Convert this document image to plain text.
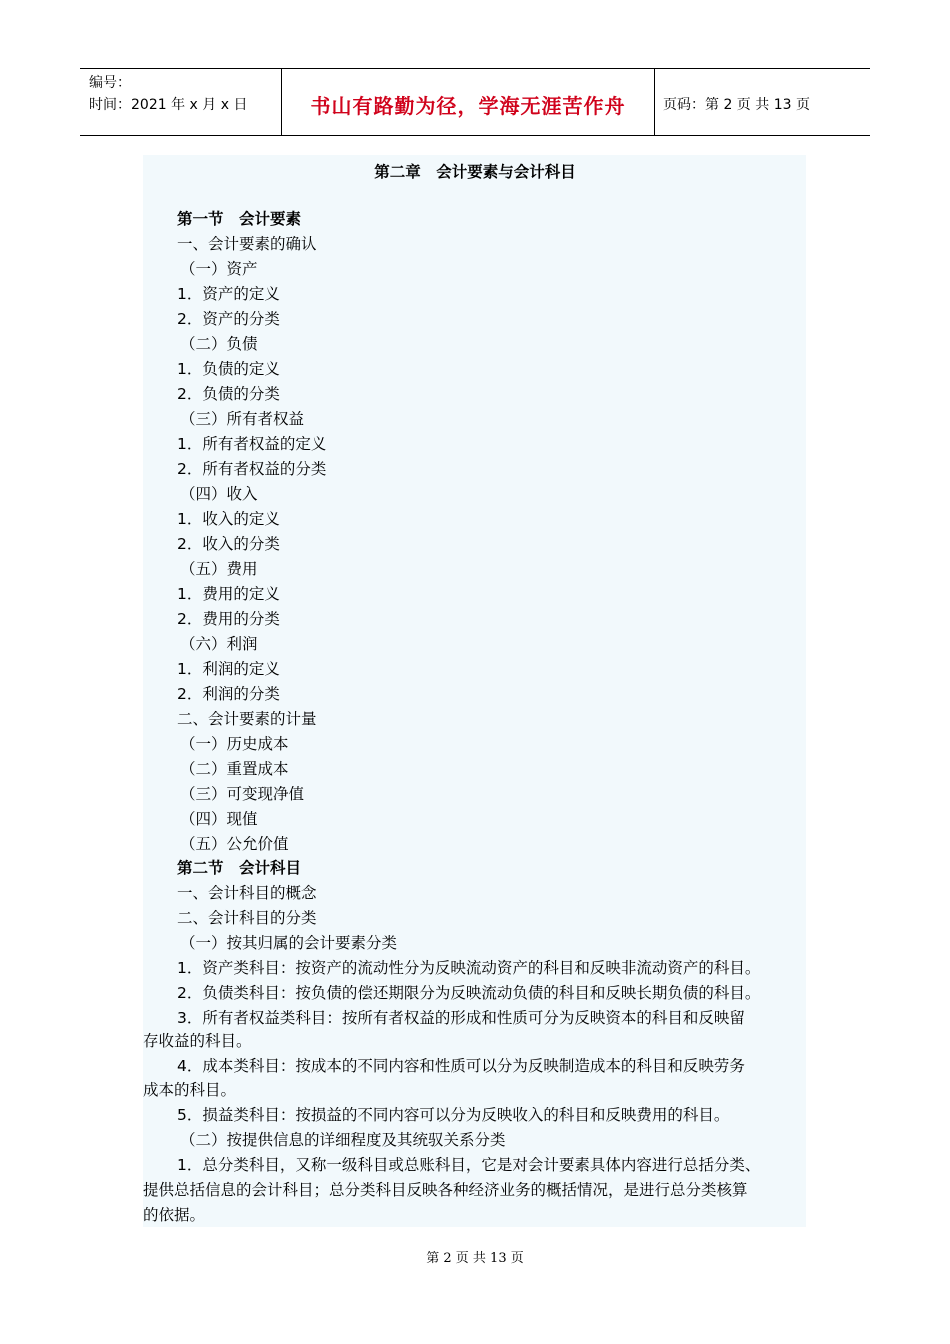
编号：
时间：2021 年 x 月 x 日	书山有路勤为径，学海无涯苦作舟	页码：第 2 页 共 13 页
第二章　会计要素与会计科目
第一节　会计要素
一、会计要素的确认
（一）资产
1．资产的定义
2．资产的分类
（二）负债
1．负债的定义
2．负债的分类
（三）所有者权益
1．所有者权益的定义
2．所有者权益的分类
（四）收入
1．收入的定义
2．收入的分类
（五）费用
1．费用的定义
2．费用的分类
（六）利润
1．利润的定义
2．利润的分类
二、会计要素的计量
（一）历史成本
（二）重置成本
（三）可变现净值
（四）现值
（五）公允价值
第二节　会计科目
一、会计科目的概念
二、会计科目的分类
（一）按其归属的会计要素分类
1．资产类科目：按资产的流动性分为反映流动资产的科目和反映非流动资产的科目。
2．负债类科目：按负债的偿还期限分为反映流动负债的科目和反映长期负债的科目。
3．所有者权益类科目：按所有者权益的形成和性质可分为反映资本的科目和反映留
存收益的科目。
4．成本类科目：按成本的不同内容和性质可以分为反映制造成本的科目和反映劳务
成本的科目。
5．损益类科目：按损益的不同内容可以分为反映收入的科目和反映费用的科目。
（二）按提供信息的详细程度及其统驭关系分类
1．总分类科目，又称一级科目或总账科目，它是对会计要素具体内容进行总括分类、
提供总括信息的会计科目；总分类科目反映各种经济业务的概括情况，是进行总分类核算
的依据。
第 2 页 共 13 页
